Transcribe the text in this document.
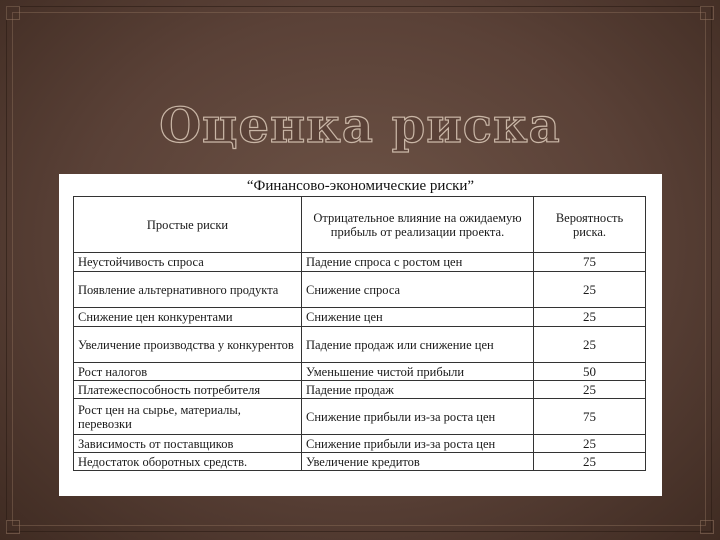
Оценка риска
“Финансово-экономические риски”
Простые риски	Отрицательное влияние на ожидаемую прибыль от реализации проекта.	Вероятность риска.
Неустойчивость спроса	Падение спроса с ростом цен	75
Появление альтернативного продукта	Снижение спроса	25
Снижение цен конкурентами	Снижение цен	25
Увеличение производства у конкурентов	Падение продаж или снижение цен	25
Рост налогов	Уменьшение чистой прибыли	50
Платежеспособность потребителя	Падение продаж	25
Рост цен на сырье, материалы, перевозки	Снижение прибыли из-за роста цен	75
Зависимость от поставщиков	Снижение прибыли из-за роста цен	25
Недостаток оборотных средств.	Увеличение кредитов	25
